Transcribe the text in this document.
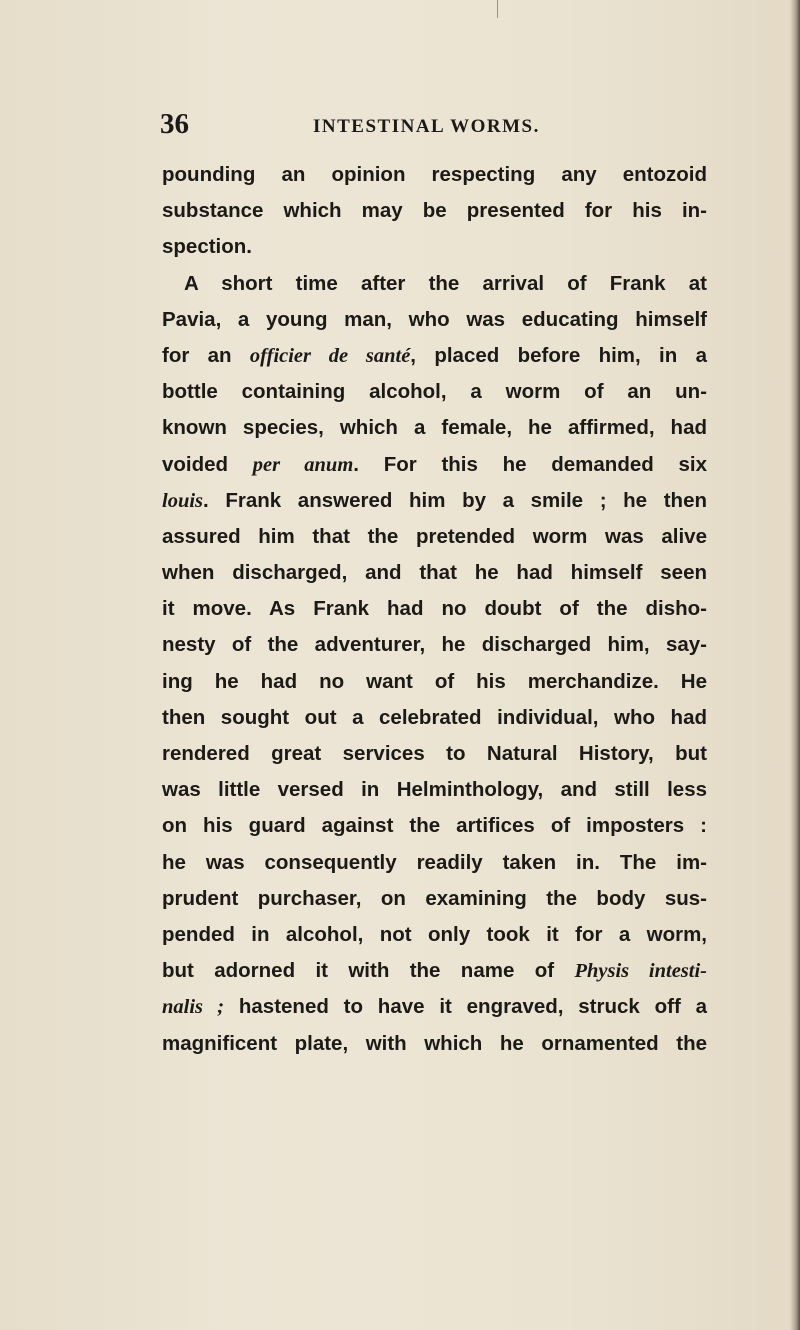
36	INTESTINAL WORMS.
pounding an opinion respecting any entozoid
substance which may be presented for his in-
spection.
A short time after the arrival of Frank at
Pavia, a young man, who was educating himself
for an officier de santé, placed before him, in a
bottle containing alcohol, a worm of an un-
known species, which a female, he affirmed, had
voided per anum. For this he demanded six
louis. Frank answered him by a smile ; he then
assured him that the pretended worm was alive
when discharged, and that he had himself seen
it move. As Frank had no doubt of the disho-
nesty of the adventurer, he discharged him, say-
ing he had no want of his merchandize. He
then sought out a celebrated individual, who had
rendered great services to Natural History, but
was little versed in Helminthology, and still less
on his guard against the artifices of imposters :
he was consequently readily taken in. The im-
prudent purchaser, on examining the body sus-
pended in alcohol, not only took it for a worm,
but adorned it with the name of Physis intesti-
nalis ; hastened to have it engraved, struck off a
magnificent plate, with which he ornamented the
